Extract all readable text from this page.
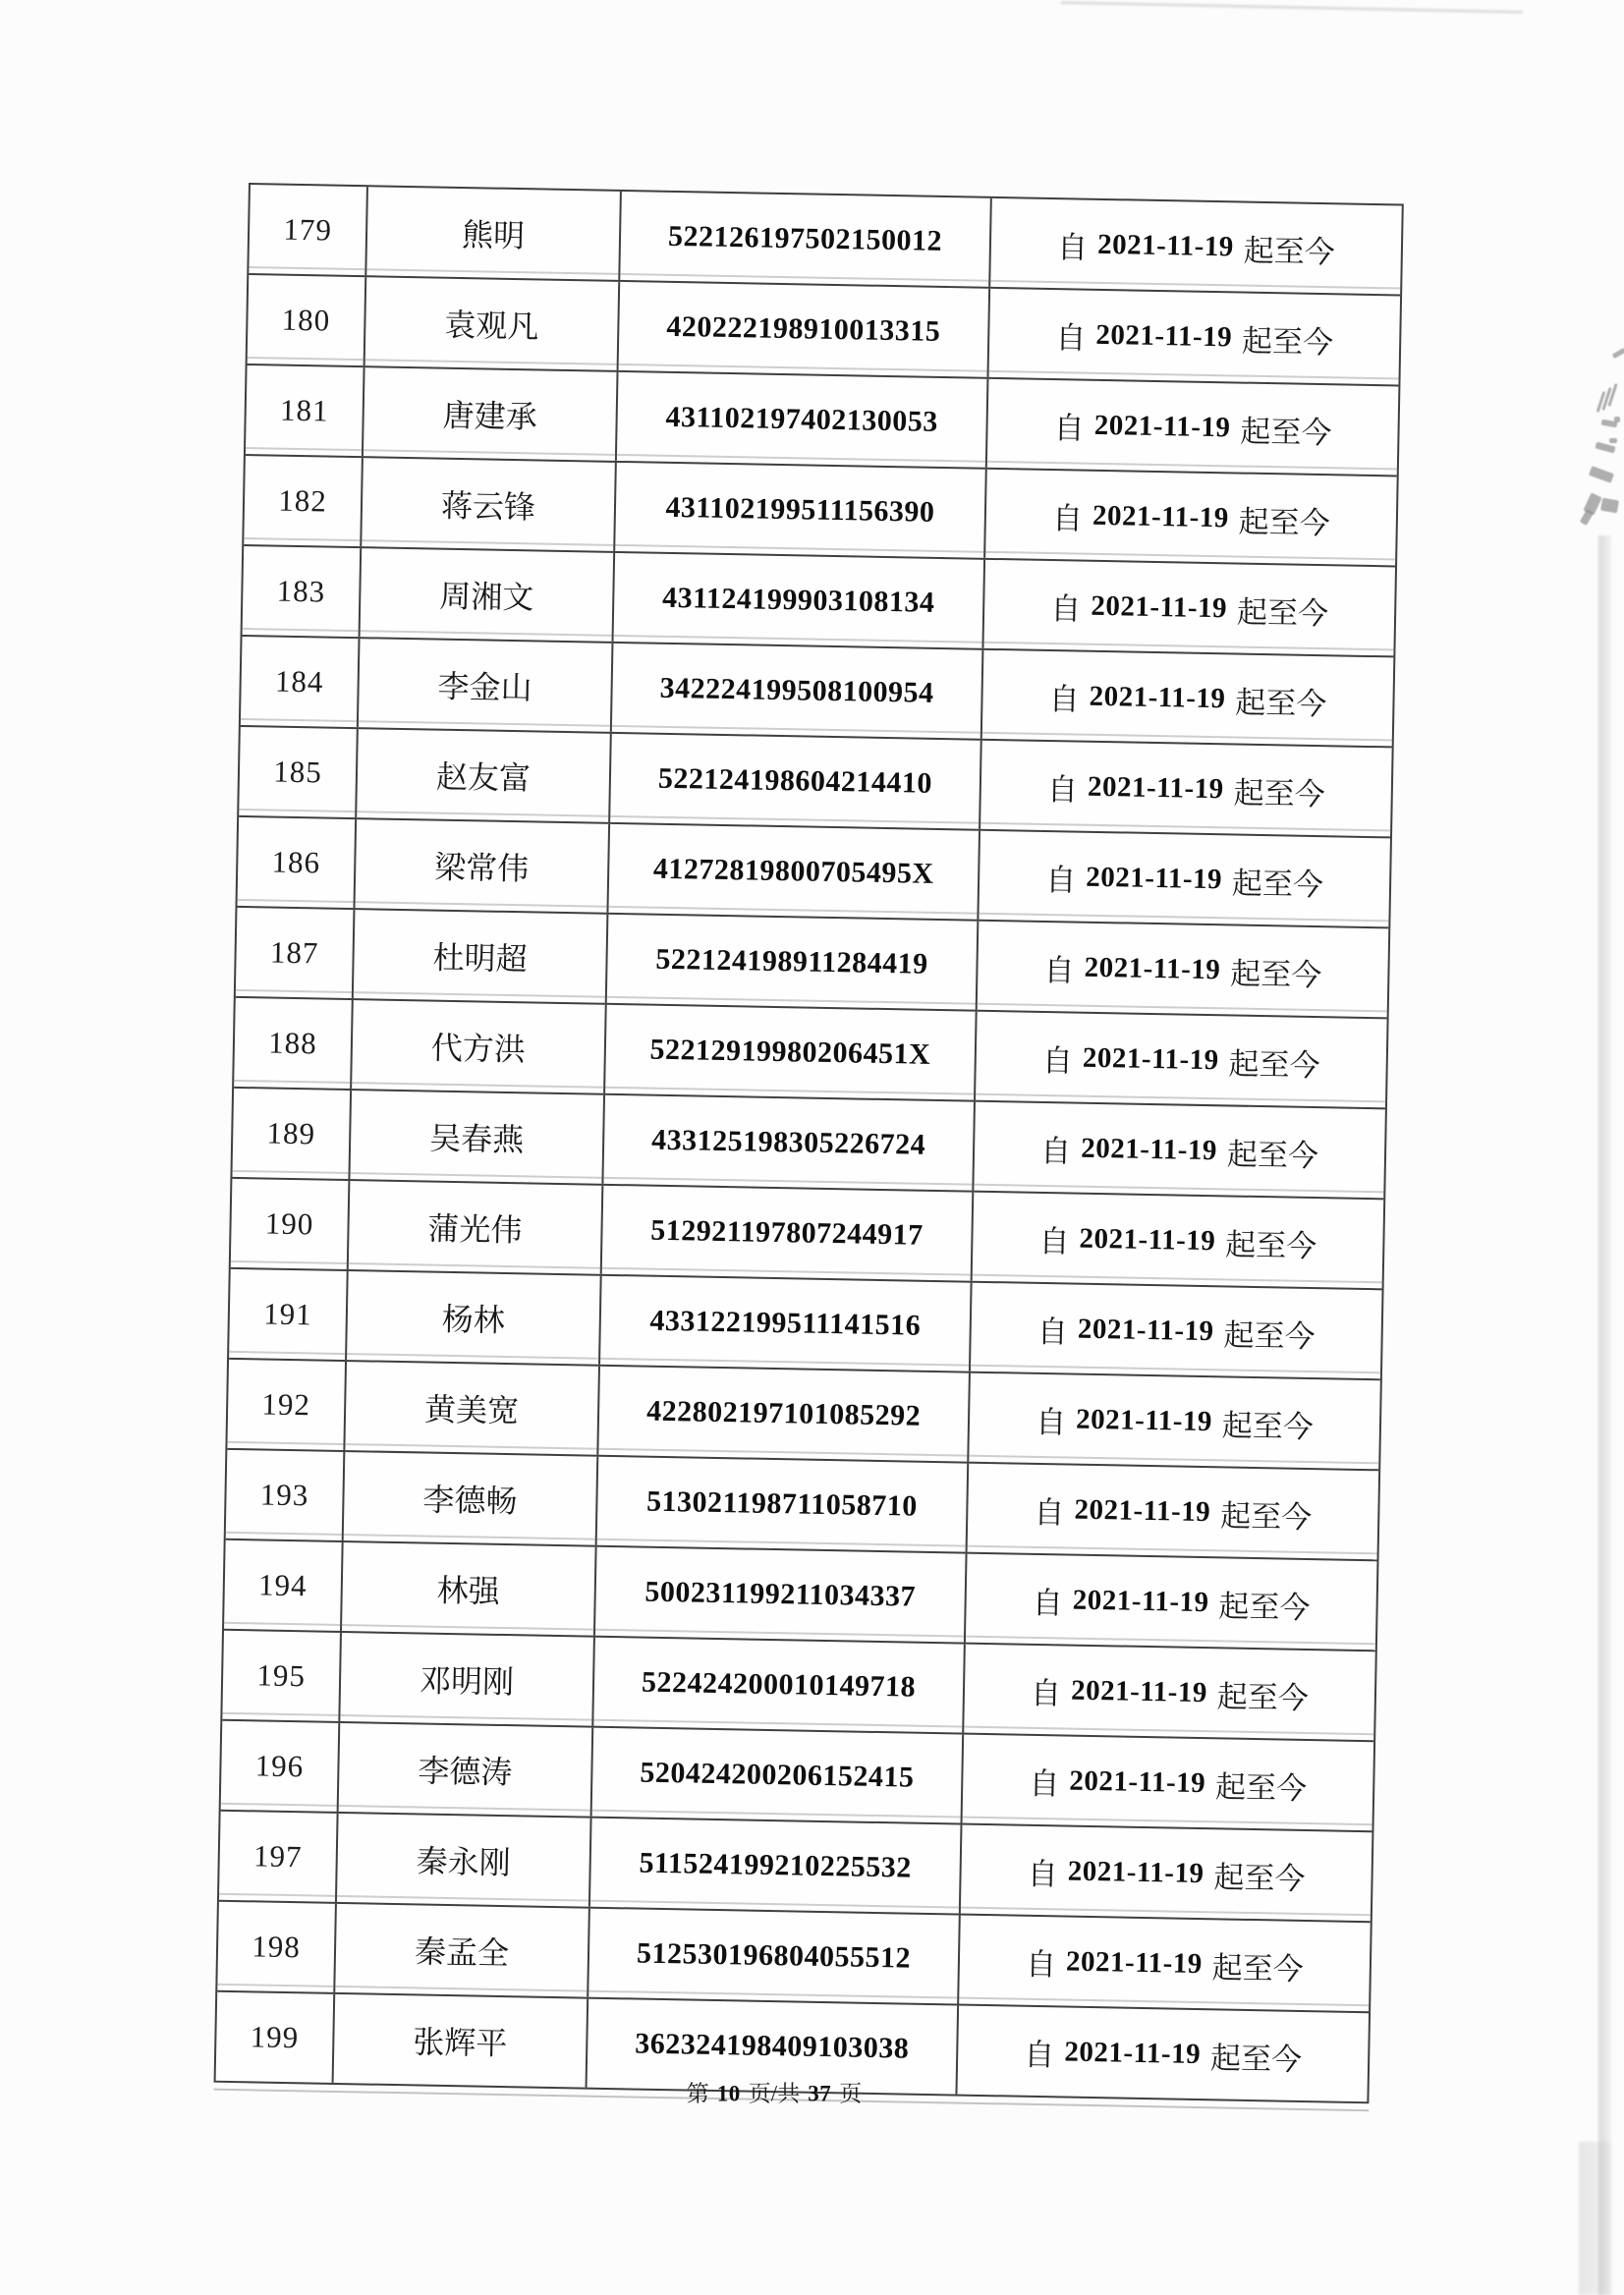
179	熊明	522126197502150012	自 2021-11-19 起至今
180	袁观凡	420222198910013315	自 2021-11-19 起至今
181	唐建承	431102197402130053	自 2021-11-19 起至今
182	蒋云锋	431102199511156390	自 2021-11-19 起至今
183	周湘文	431124199903108134	自 2021-11-19 起至今
184	李金山	342224199508100954	自 2021-11-19 起至今
185	赵友富	522124198604214410	自 2021-11-19 起至今
186	梁常伟	41272819800705495X	自 2021-11-19 起至今
187	杜明超	522124198911284419	自 2021-11-19 起至今
188	代方洪	52212919980206451X	自 2021-11-19 起至今
189	吴春燕	433125198305226724	自 2021-11-19 起至今
190	蒲光伟	512921197807244917	自 2021-11-19 起至今
191	杨林	433122199511141516	自 2021-11-19 起至今
192	黄美宽	422802197101085292	自 2021-11-19 起至今
193	李德畅	513021198711058710	自 2021-11-19 起至今
194	林强	500231199211034337	自 2021-11-19 起至今
195	邓明刚	522424200010149718	自 2021-11-19 起至今
196	李德涛	520424200206152415	自 2021-11-19 起至今
197	秦永刚	511524199210225532	自 2021-11-19 起至今
198	秦孟全	512530196804055512	自 2021-11-19 起至今
199	张辉平	362324198409103038	自 2021-11-19 起至今
第 10 页/共 37 页
